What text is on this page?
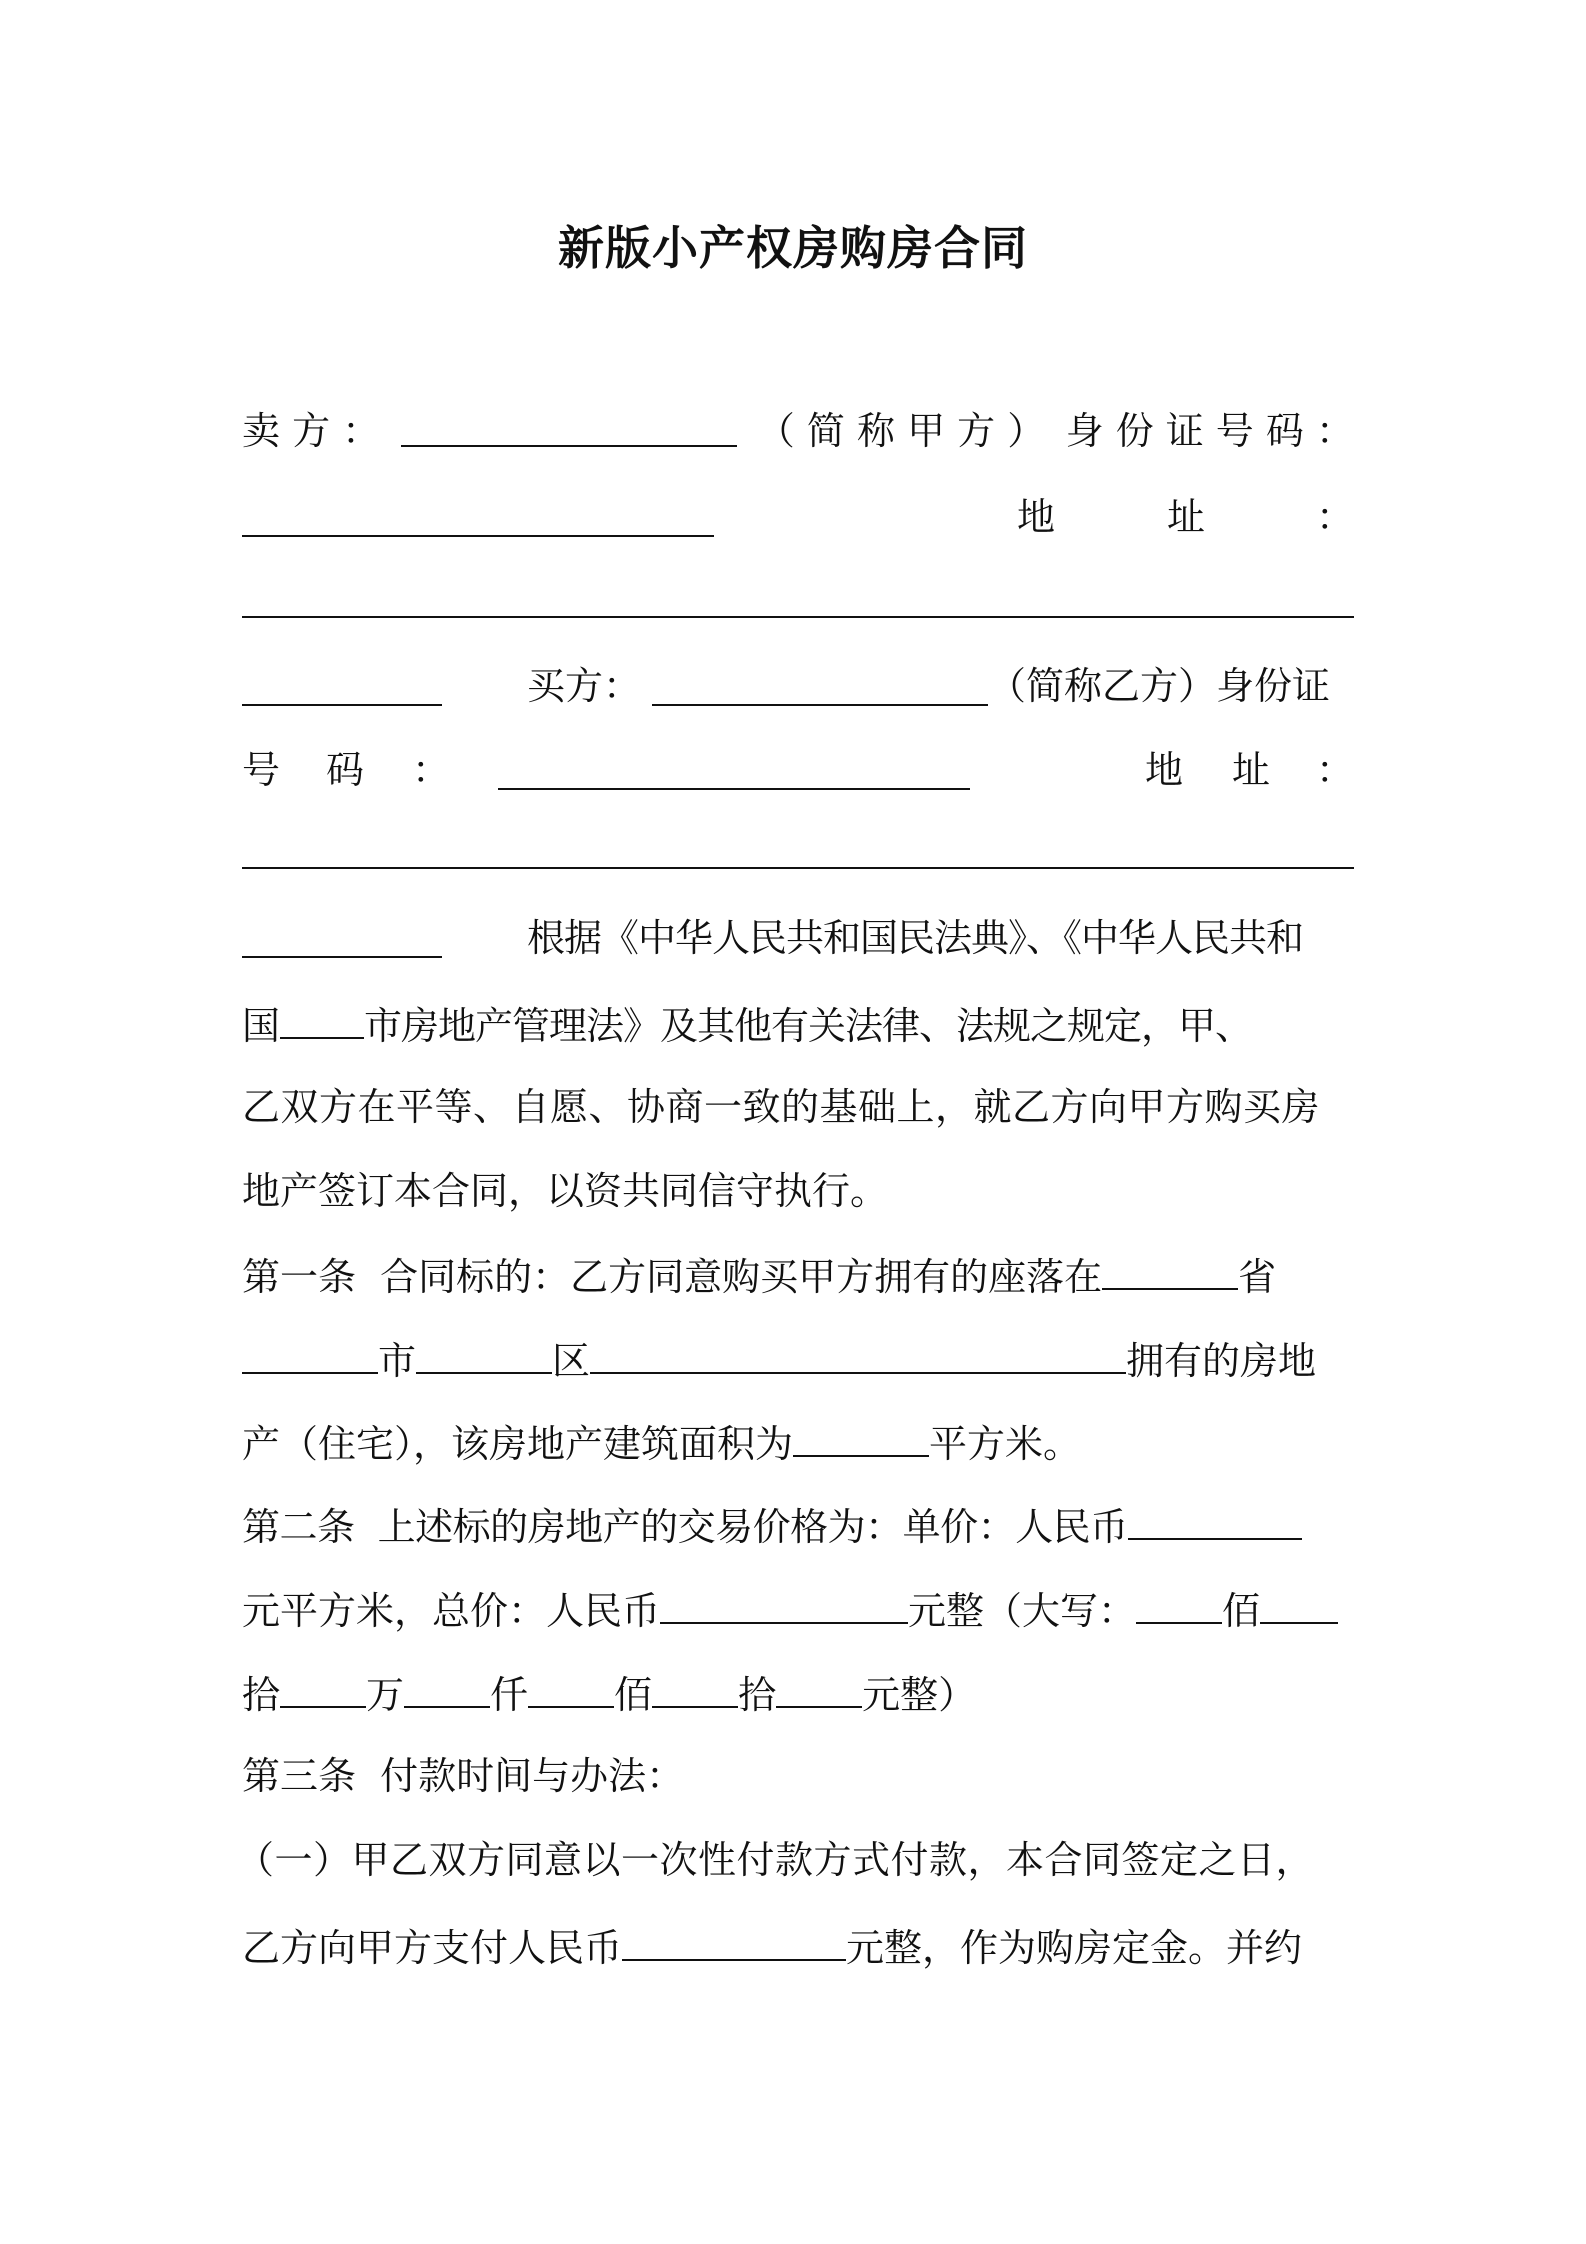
新版小产权房购房合同
卖 方 ：	（ 简 称 甲 方 ） 身 份 证 号 码 ：
地	址	：
买方：	（简称乙方）身份证
号 码 ：	地 址 ：
根据《中华人民共和国民法典》、《中华人民共和
国 市房地产管理法》及其他有关法律、法规之规定，甲、
乙双方在平等、自愿、协商一致的基础上，就乙方向甲方购买房
地产签订本合同，以资共同信守执行。
第一条  合同标的：乙方同意购买甲方拥有的座落在	省
市	区	拥有的房地
产（住宅），该房地产建筑面积为	平方米。
第二条  上述标的房地产的交易价格为：单价：人民币
元平方米，总价：人民币	元整（大写： 佰
拾 万 仟 佰 拾 元整）
第三条  付款时间与办法：
（一）甲乙双方同意以一次性付款方式付款，本合同签定之日，
乙方向甲方支付人民币	元整，作为购房定金。并约
